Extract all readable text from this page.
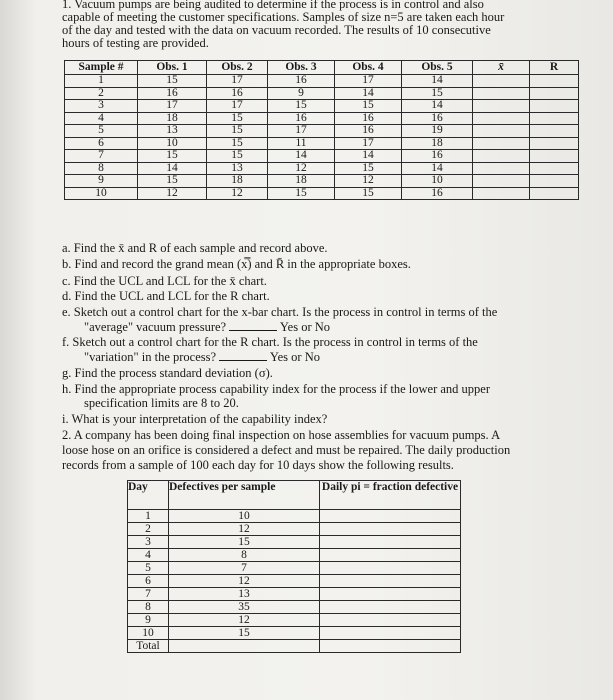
1. Vacuum pumps are being audited to determine if the process is in control and also
capable of meeting the customer specifications. Samples of size n=5 are taken each hour
of the day and tested with the data on vacuum recorded. The results of 10 consecutive
hours of testing are provided.
Sample #	Obs. 1	Obs. 2	Obs. 3	Obs. 4	Obs. 5	x̄	R
1	15	17	16	17	14		
2	16	16	9	14	15		
3	17	17	15	15	14		
4	18	15	16	16	16		
5	13	15	17	16	19		
6	10	15	11	17	18		
7	15	15	14	14	16		
8	14	13	12	15	14		
9	15	18	18	12	10		
10	12	12	15	15	16		
a. Find the x̄ and R of each sample and record above.
b. Find and record the grand mean (x̿) and R̄ in the appropriate boxes.
c. Find the UCL and LCL for the x̄ chart.
d. Find the UCL and LCL for the R chart.
e. Sketch out a control chart for the x-bar chart. Is the process in control in terms of the
"average" vacuum pressure?	Yes or No
f. Sketch out a control chart for the R chart. Is the process in control in terms of the
"variation" in the process?	Yes or No
g. Find the process standard deviation (σ).
h. Find the appropriate process capability index for the process if the lower and upper
specification limits are 8 to 20.
i. What is your interpretation of the capability index?
2. A company has been doing final inspection on hose assemblies for vacuum pumps. A
loose hose on an orifice is considered a defect and must be repaired. The daily production
records from a sample of 100 each day for 10 days show the following results.
Day	Defectives per sample	Daily pi = fraction defective
1	10	
2	12	
3	15	
4	8	
5	7	
6	12	
7	13	
8	35	
9	12	
10	15	
Total		
